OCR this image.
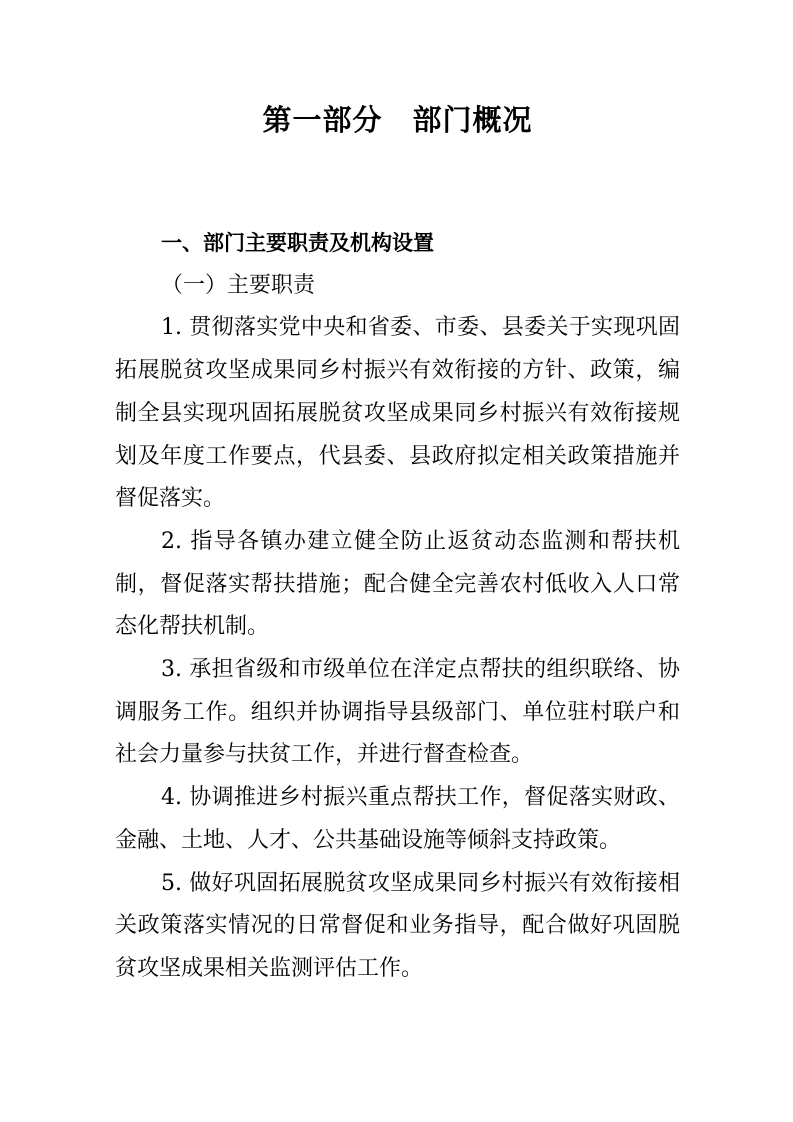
第一部分　部门概况
一、部门主要职责及机构设置

（一）主要职责

1. 贯彻落实党中央和省委、市委、县委关于实现巩固拓展脱贫攻坚成果同乡村振兴有效衔接的方针、政策，编制全县实现巩固拓展脱贫攻坚成果同乡村振兴有效衔接规划及年度工作要点，代县委、县政府拟定相关政策措施并督促落实。

2. 指导各镇办建立健全防止返贫动态监测和帮扶机制，督促落实帮扶措施；配合健全完善农村低收入人口常态化帮扶机制。

3. 承担省级和市级单位在洋定点帮扶的组织联络、协调服务工作。组织并协调指导县级部门、单位驻村联户和社会力量参与扶贫工作，并进行督查检查。

4. 协调推进乡村振兴重点帮扶工作，督促落实财政、金融、土地、人才、公共基础设施等倾斜支持政策。

5. 做好巩固拓展脱贫攻坚成果同乡村振兴有效衔接相关政策落实情况的日常督促和业务指导，配合做好巩固脱贫攻坚成果相关监测评估工作。
